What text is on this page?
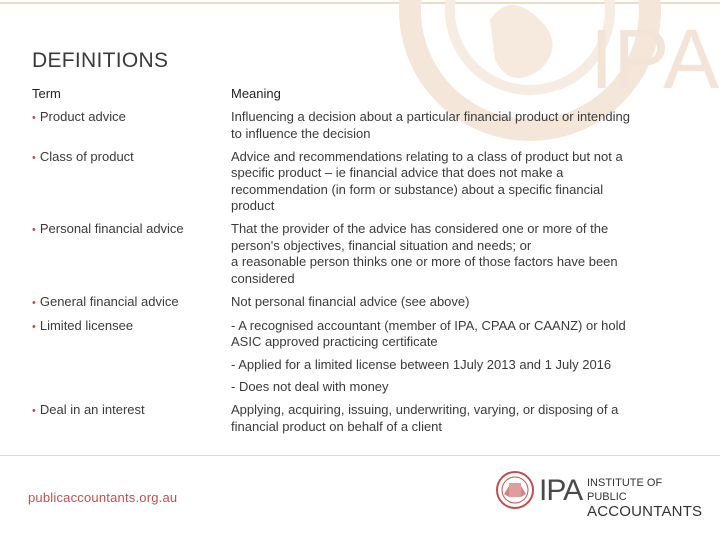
IPA
DEFINITIONS
Term	Meaning
• Product advice	Influencing a decision about a particular financial product or intending
to influence the decision
• Class of product	Advice and recommendations relating to a class of product but not a
specific product – ie financial advice that does not make a
recommendation (in form or substance) about a specific financial
product
• Personal financial advice	That the provider of the advice has considered one or more of the
person's objectives, financial situation and needs; or
a reasonable person thinks one or more of those factors have been
considered
• General financial advice	Not personal financial advice (see above)
• Limited licensee	- A recognised accountant (member of IPA, CPAA or CAANZ) or hold
ASIC approved practicing certificate
- Applied for a limited license between 1July 2013 and 1 July 2016
- Does not deal with money
• Deal in an interest	Applying, acquiring, issuing, underwriting, varying, or disposing of a
financial product on behalf of a client
publicaccountants.org.au	IPA INSTITUTE OF PUBLIC
ACCOUNTANTS
